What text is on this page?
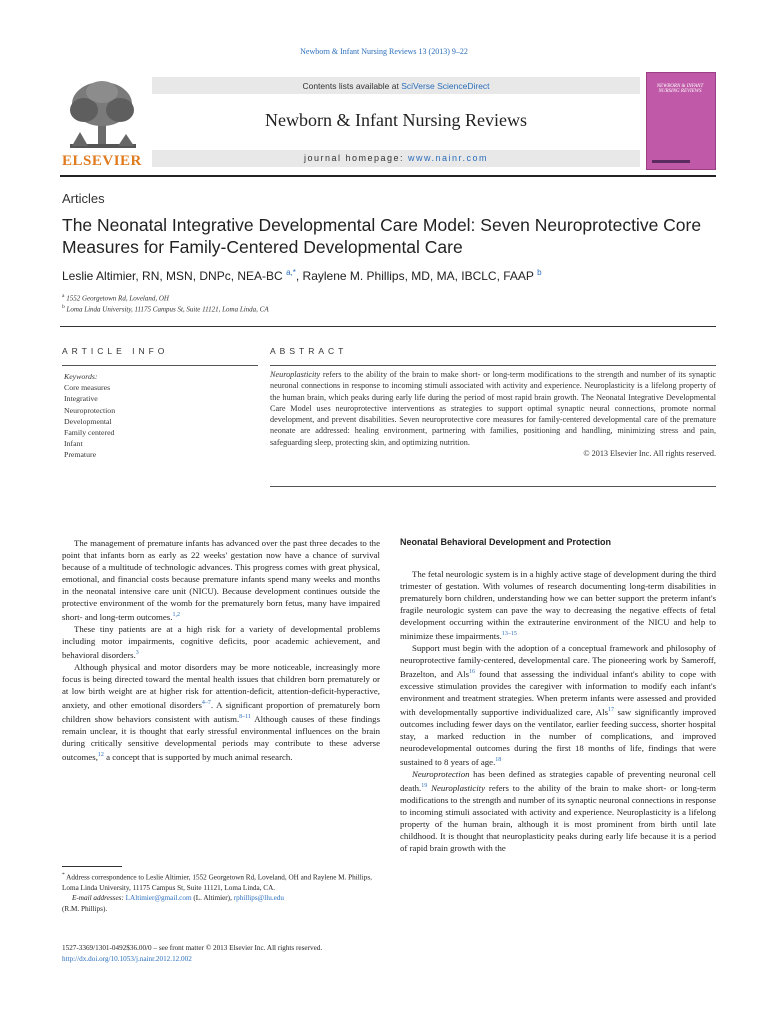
Newborn & Infant Nursing Reviews 13 (2013) 9–22
ELSEVIER
Contents lists available at SciVerse ScienceDirect
Newborn & Infant Nursing Reviews
journal homepage: www.nainr.com
NEWBORN & INFANT NURSING REVIEWS
Articles
The Neonatal Integrative Developmental Care Model: Seven Neuroprotective Core Measures for Family-Centered Developmental Care
Leslie Altimier, RN, MSN, DNPc, NEA-BC $^{a,*}$, Raylene M. Phillips, MD, MA, IBCLC, FAAP $^b$
$^a$ 1552 Georgetown Rd, Loveland, OH
$^b$ Loma Linda University, 11175 Campus St, Suite 11121, Loma Linda, CA
ARTICLE INFO	ABSTRACT
Keywords:
Core measures
Integrative
Neuroprotection
Developmental
Family centered
Infant
Premature
Neuroplasticity refers to the ability of the brain to make short- or long-term modifications to the strength and number of its synaptic neuronal connections in response to incoming stimuli associated with activity and experience. Neuroplasticity is a lifelong property of the human brain, which peaks during early life during the period of most rapid brain growth. The Neonatal Integrative Developmental Care Model uses neuroprotective interventions as strategies to support optimal synaptic neural connections, promote normal development, and prevent disabilities. Seven neuroprotective core measures for family-centered developmental care of the premature neonate are addressed: healing environment, partnering with families, positioning and handling, minimizing stress and pain, safeguarding sleep, protecting skin, and optimizing nutrition.
© 2013 Elsevier Inc. All rights reserved.

The management of premature infants has advanced over the past three decades to the point that infants born as early as 22 weeks' gestation now have a chance of survival because of a multitude of technologic advances. This progress comes with great physical, emotional, and financial costs because premature infants spend many weeks and months in the neonatal intensive care unit (NICU). Because development continues outside the protective environment of the womb for the prematurely born fetus, many have impaired short- and long-term outcomes.$^{1,2}$

These tiny patients are at a high risk for a variety of developmental problems including motor impairments, cognitive deficits, poor academic achievement, and behavioral disorders.$^3$

Although physical and motor disorders may be more noticeable, increasingly more focus is being directed toward the mental health issues that children born prematurely or at low birth weight are at higher risk for attention-deficit, attention-deficit-hyperactive, anxiety, and other emotional disorders$^{4-7}$. A significant proportion of prematurely born children show behaviors consistent with autism.$^{8-11}$ Although causes of these findings remain unclear, it is thought that early stressful environmental influences on the brain during critically sensitive developmental periods may contribute to these adverse outcomes,$^{12}$ a concept that is supported by much animal research.

Neonatal Behavioral Development and Protection

The fetal neurologic system is in a highly active stage of development during the third trimester of gestation. With volumes of research documenting long-term disabilities in prematurely born children, understanding how we can better support the preterm infant's fragile neurologic system can pave the way to decreasing the negative effects of fetal development occurring within the extrauterine environment of the NICU and help to minimize these impairments.$^{13-15}$

Support must begin with the adoption of a conceptual framework and philosophy of neuroprotective family-centered, developmental care. The pioneering work by Sameroff, Brazelton, and Als$^{16}$ found that assessing the individual infant's ability to cope with excessive stimulation provides the caregiver with information to modify each infant's environment and treatment strategies. When preterm infants were assessed and provided with developmentally supportive individualized care, Als$^{17}$ saw significantly improved outcomes including fewer days on the ventilator, earlier feeding success, shorter hospital stay, a marked reduction in the number of complications, and improved neurodevelopmental outcomes during the first 18 months of life, findings that were sustained to 8 years of age.$^{18}$

Neuroprotection has been defined as strategies capable of preventing neuronal cell death.$^{19}$ Neuroplasticity refers to the ability of the brain to make short- or long-term modifications to the strength and number of its synaptic neuronal connections in response to incoming stimuli associated with activity and experience. Neuroplasticity is a lifelong property of the human brain, although it is most prominent from birth until late childhood. It is thought that neuroplasticity peaks during early life because it is a period of rapid brain growth with the

* Address correspondence to Leslie Altimier, 1552 Georgetown Rd, Loveland, OH and Raylene M. Phillips, Loma Linda University, 11175 Campus St, Suite 11121, Loma Linda, CA.
E-mail addresses: LAltimier@gmail.com (L. Altimier), rphillips@llu.edu
(R.M. Phillips).
1527-3369/1301-0492$36.00/0 – see front matter © 2013 Elsevier Inc. All rights reserved.
http://dx.doi.org/10.1053/j.nainr.2012.12.002
